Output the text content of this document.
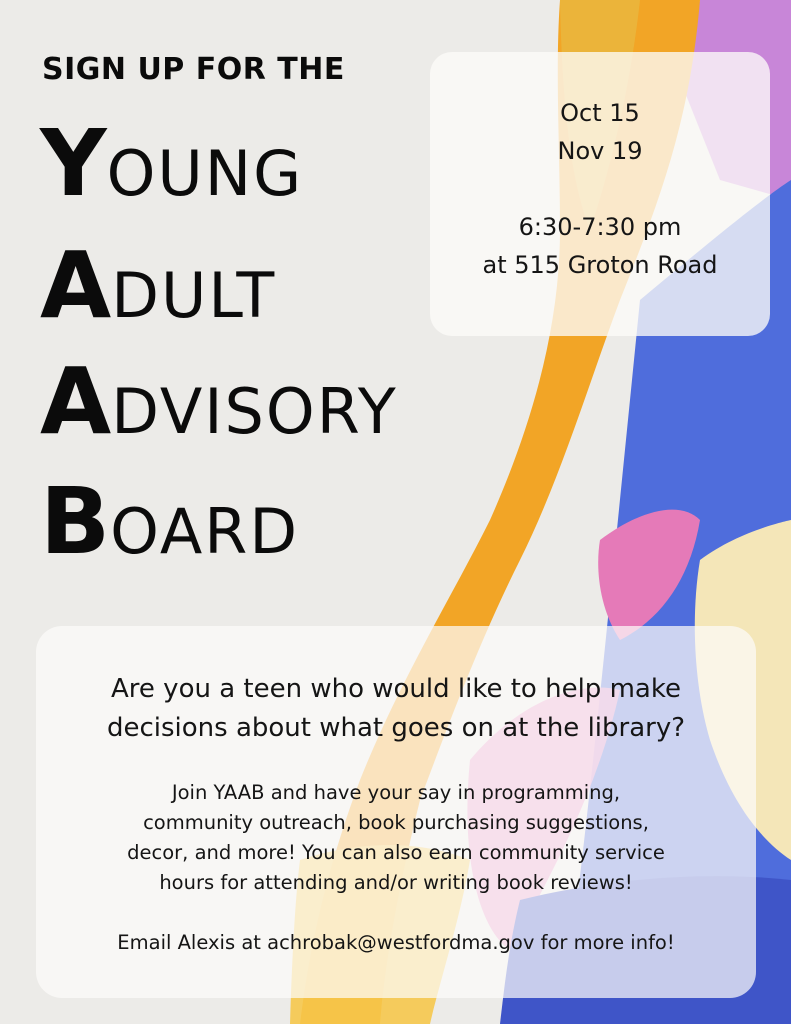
SIGN UP FOR THE
YOUNG
ADULT
ADVISORY
BOARD
Oct 15
Nov 19
6:30-7:30 pm
at 515 Groton Road
Are you a teen who would like to help make
decisions about what goes on at the library?
Join YAAB and have your say in programming,
community outreach, book purchasing suggestions,
decor, and more! You can also earn community service
hours for attending and/or writing book reviews!
Email Alexis at achrobak@westfordma.gov for more info!
